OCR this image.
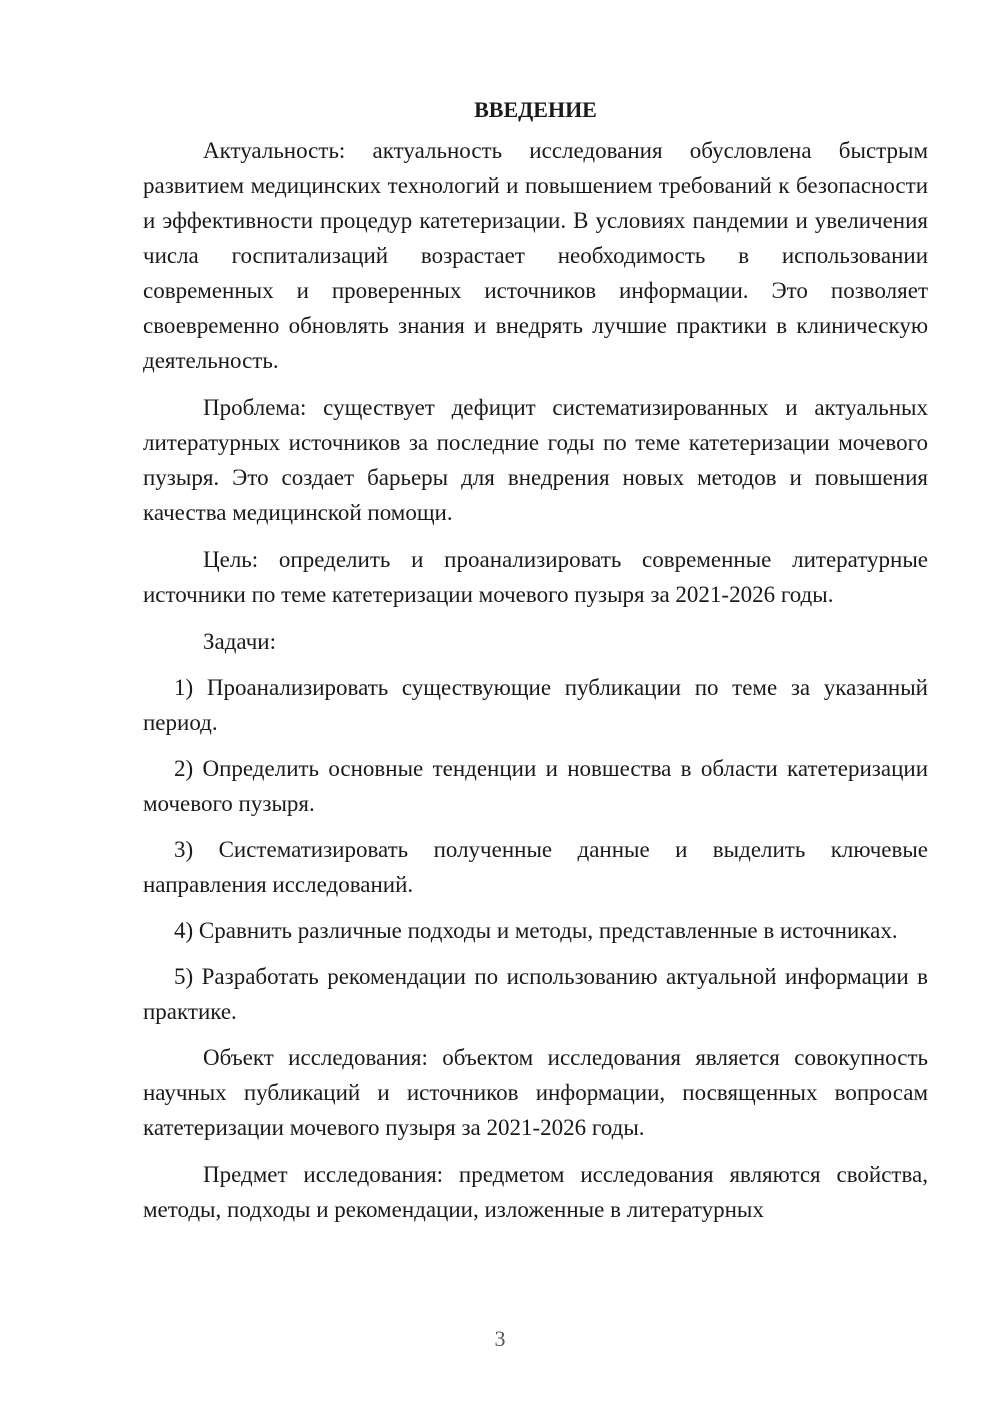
ВВЕДЕНИЕ

Актуальность: актуальность исследования обусловлена быстрым развитием медицинских технологий и повышением требований к безопасности и эффективности процедур катетеризации. В условиях пандемии и увеличения числа госпитализаций возрастает необходимость в использовании современных и проверенных источников информации. Это позволяет своевременно обновлять знания и внедрять лучшие практики в клиническую деятельность.

Проблема: существует дефицит систематизированных и актуальных литературных источников за последние годы по теме катетеризации мочевого пузыря. Это создает барьеры для внедрения новых методов и повышения качества медицинской помощи.

Цель: определить и проанализировать современные литературные источники по теме катетеризации мочевого пузыря за 2021-2026 годы.

Задачи:

1) Проанализировать существующие публикации по теме за указанный период.

2) Определить основные тенденции и новшества в области катетеризации мочевого пузыря.

3) Систематизировать полученные данные и выделить ключевые направления исследований.

4) Сравнить различные подходы и методы, представленные в источниках.

5) Разработать рекомендации по использованию актуальной информации в практике.

Объект исследования: объектом исследования является совокупность научных публикаций и источников информации, посвященных вопросам катетеризации мочевого пузыря за 2021-2026 годы.

Предмет исследования: предметом исследования являются свойства, методы, подходы и рекомендации, изложенные в литературных

3
